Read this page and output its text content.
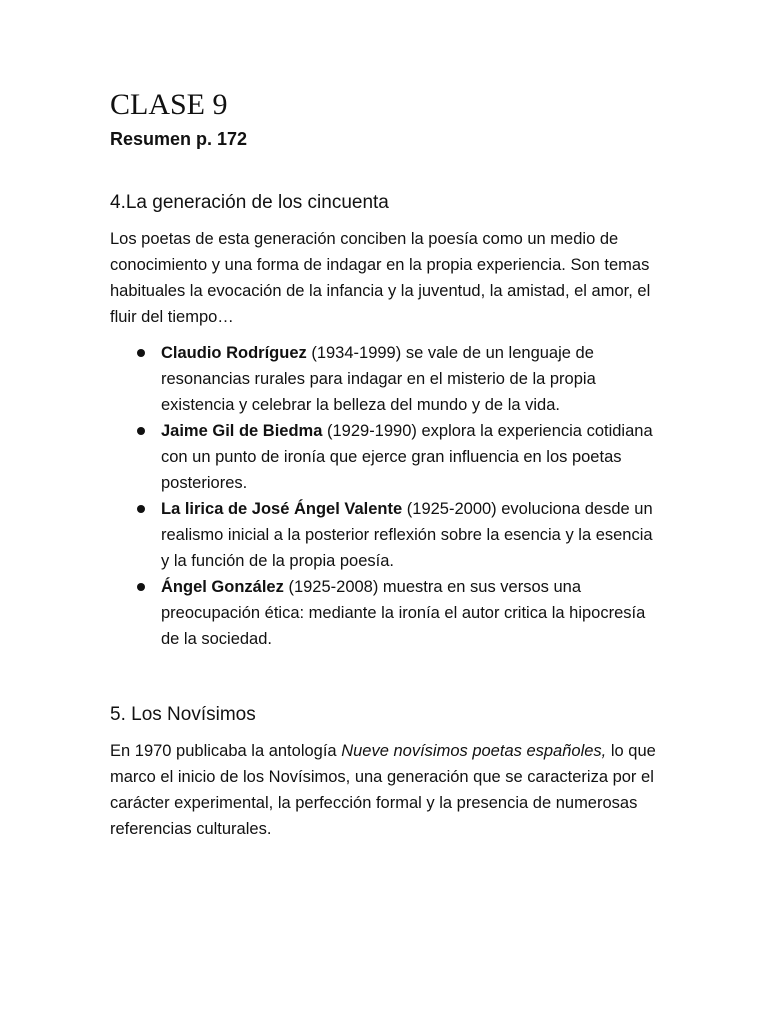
CLASE 9
Resumen p. 172
4.La generación de los cincuenta

Los poetas de esta generación conciben la poesía como un medio de conocimiento y una forma de indagar en la propia experiencia. Son temas habituales la evocación de la infancia y la juventud, la amistad, el amor, el fluir del tiempo…

Claudio Rodríguez (1934-1999) se vale de un lenguaje de resonancias rurales para indagar en el misterio de la propia existencia y celebrar la belleza del mundo y de la vida.
Jaime Gil de Biedma (1929-1990) explora la experiencia cotidiana con un punto de ironía que ejerce gran influencia en los poetas posteriores.
La lirica de José Ángel Valente (1925-2000) evoluciona desde un realismo inicial a la posterior reflexión sobre la esencia y la esencia y la función de la propia poesía.
Ángel González (1925-2008) muestra en sus versos una preocupación ética: mediante la ironía el autor critica la hipocresía de la sociedad.
5. Los Novísimos

En 1970 publicaba la antología Nueve novísimos poetas españoles, lo que marco el inicio de los Novísimos, una generación que se caracteriza por el carácter experimental, la perfección formal y la presencia de numerosas referencias culturales.
